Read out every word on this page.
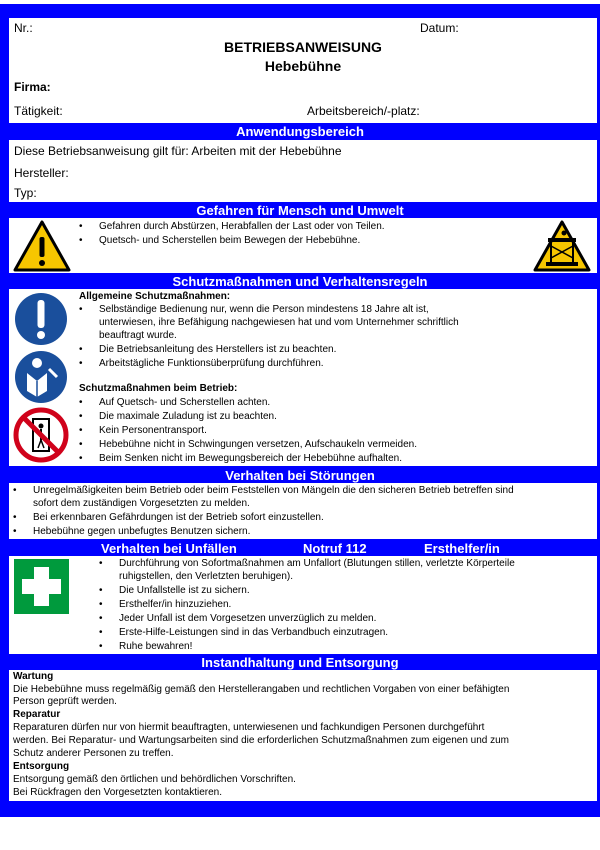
Nr.:	Datum:
BETRIEBSANWEISUNG
Hebebühne
Firma:
Tätigkeit:	Arbeitsbereich/-platz:
Anwendungsbereich
Diese Betriebsanweisung gilt für: Arbeiten mit der Hebebühne
Hersteller:
Typ:
Gefahren für Mensch und Umwelt
• Gefahren durch Abstürzen, Herabfallen der Last oder von Teilen.
• Quetsch- und Scherstellen beim Bewegen der Hebebühne.
Schutzmaßnahmen und Verhaltensregeln
Allgemeine Schutzmaßnahmen:
• Selbständige Bedienung nur, wenn die Person mindestens 18 Jahre alt ist,
unterwiesen, ihre Befähigung nachgewiesen hat und vom Unternehmer schriftlich
beauftragt wurde.
• Die Betriebsanleitung des Herstellers ist zu beachten.
• Arbeitstägliche Funktionsüberprüfung durchführen.
Schutzmaßnahmen beim Betrieb:
• Auf Quetsch- und Scherstellen achten.
• Die maximale Zuladung ist zu beachten.
• Kein Personentransport.
• Hebebühne nicht in Schwingungen versetzen, Aufschaukeln vermeiden.
• Beim Senken nicht im Bewegungsbereich der Hebebühne aufhalten.
Verhalten bei Störungen
• Unregelmäßigkeiten beim Betrieb oder beim Feststellen von Mängeln die den sicheren Betrieb betreffen sind
sofort dem zuständigen Vorgesetzten zu melden.
• Bei erkennbaren Gefährdungen ist der Betrieb sofort einzustellen.
• Hebebühne gegen unbefugtes Benutzen sichern.
Verhalten bei Unfällen	Notruf 112	Ersthelfer/in
• Durchführung von Sofortmaßnahmen am Unfallort (Blutungen stillen, verletzte Körperteile
ruhigstellen, den Verletzten beruhigen).
• Die Unfallstelle ist zu sichern.
• Ersthelfer/in hinzuziehen.
• Jeder Unfall ist dem Vorgesetzen unverzüglich zu melden.
• Erste-Hilfe-Leistungen sind in das Verbandbuch einzutragen.
• Ruhe bewahren!
Instandhaltung und Entsorgung
Wartung
Die Hebebühne muss regelmäßig gemäß den Herstellerangaben und rechtlichen Vorgaben von einer befähigten
Person geprüft werden.
Reparatur
Reparaturen dürfen nur von hiermit beauftragten, unterwiesenen und fachkundigen Personen durchgeführt
werden. Bei Reparatur- und Wartungsarbeiten sind die erforderlichen Schutzmaßnahmen zum eigenen und zum
Schutz anderer Personen zu treffen.
Entsorgung
Entsorgung gemäß den örtlichen und behördlichen Vorschriften.
Bei Rückfragen den Vorgesetzten kontaktieren.
